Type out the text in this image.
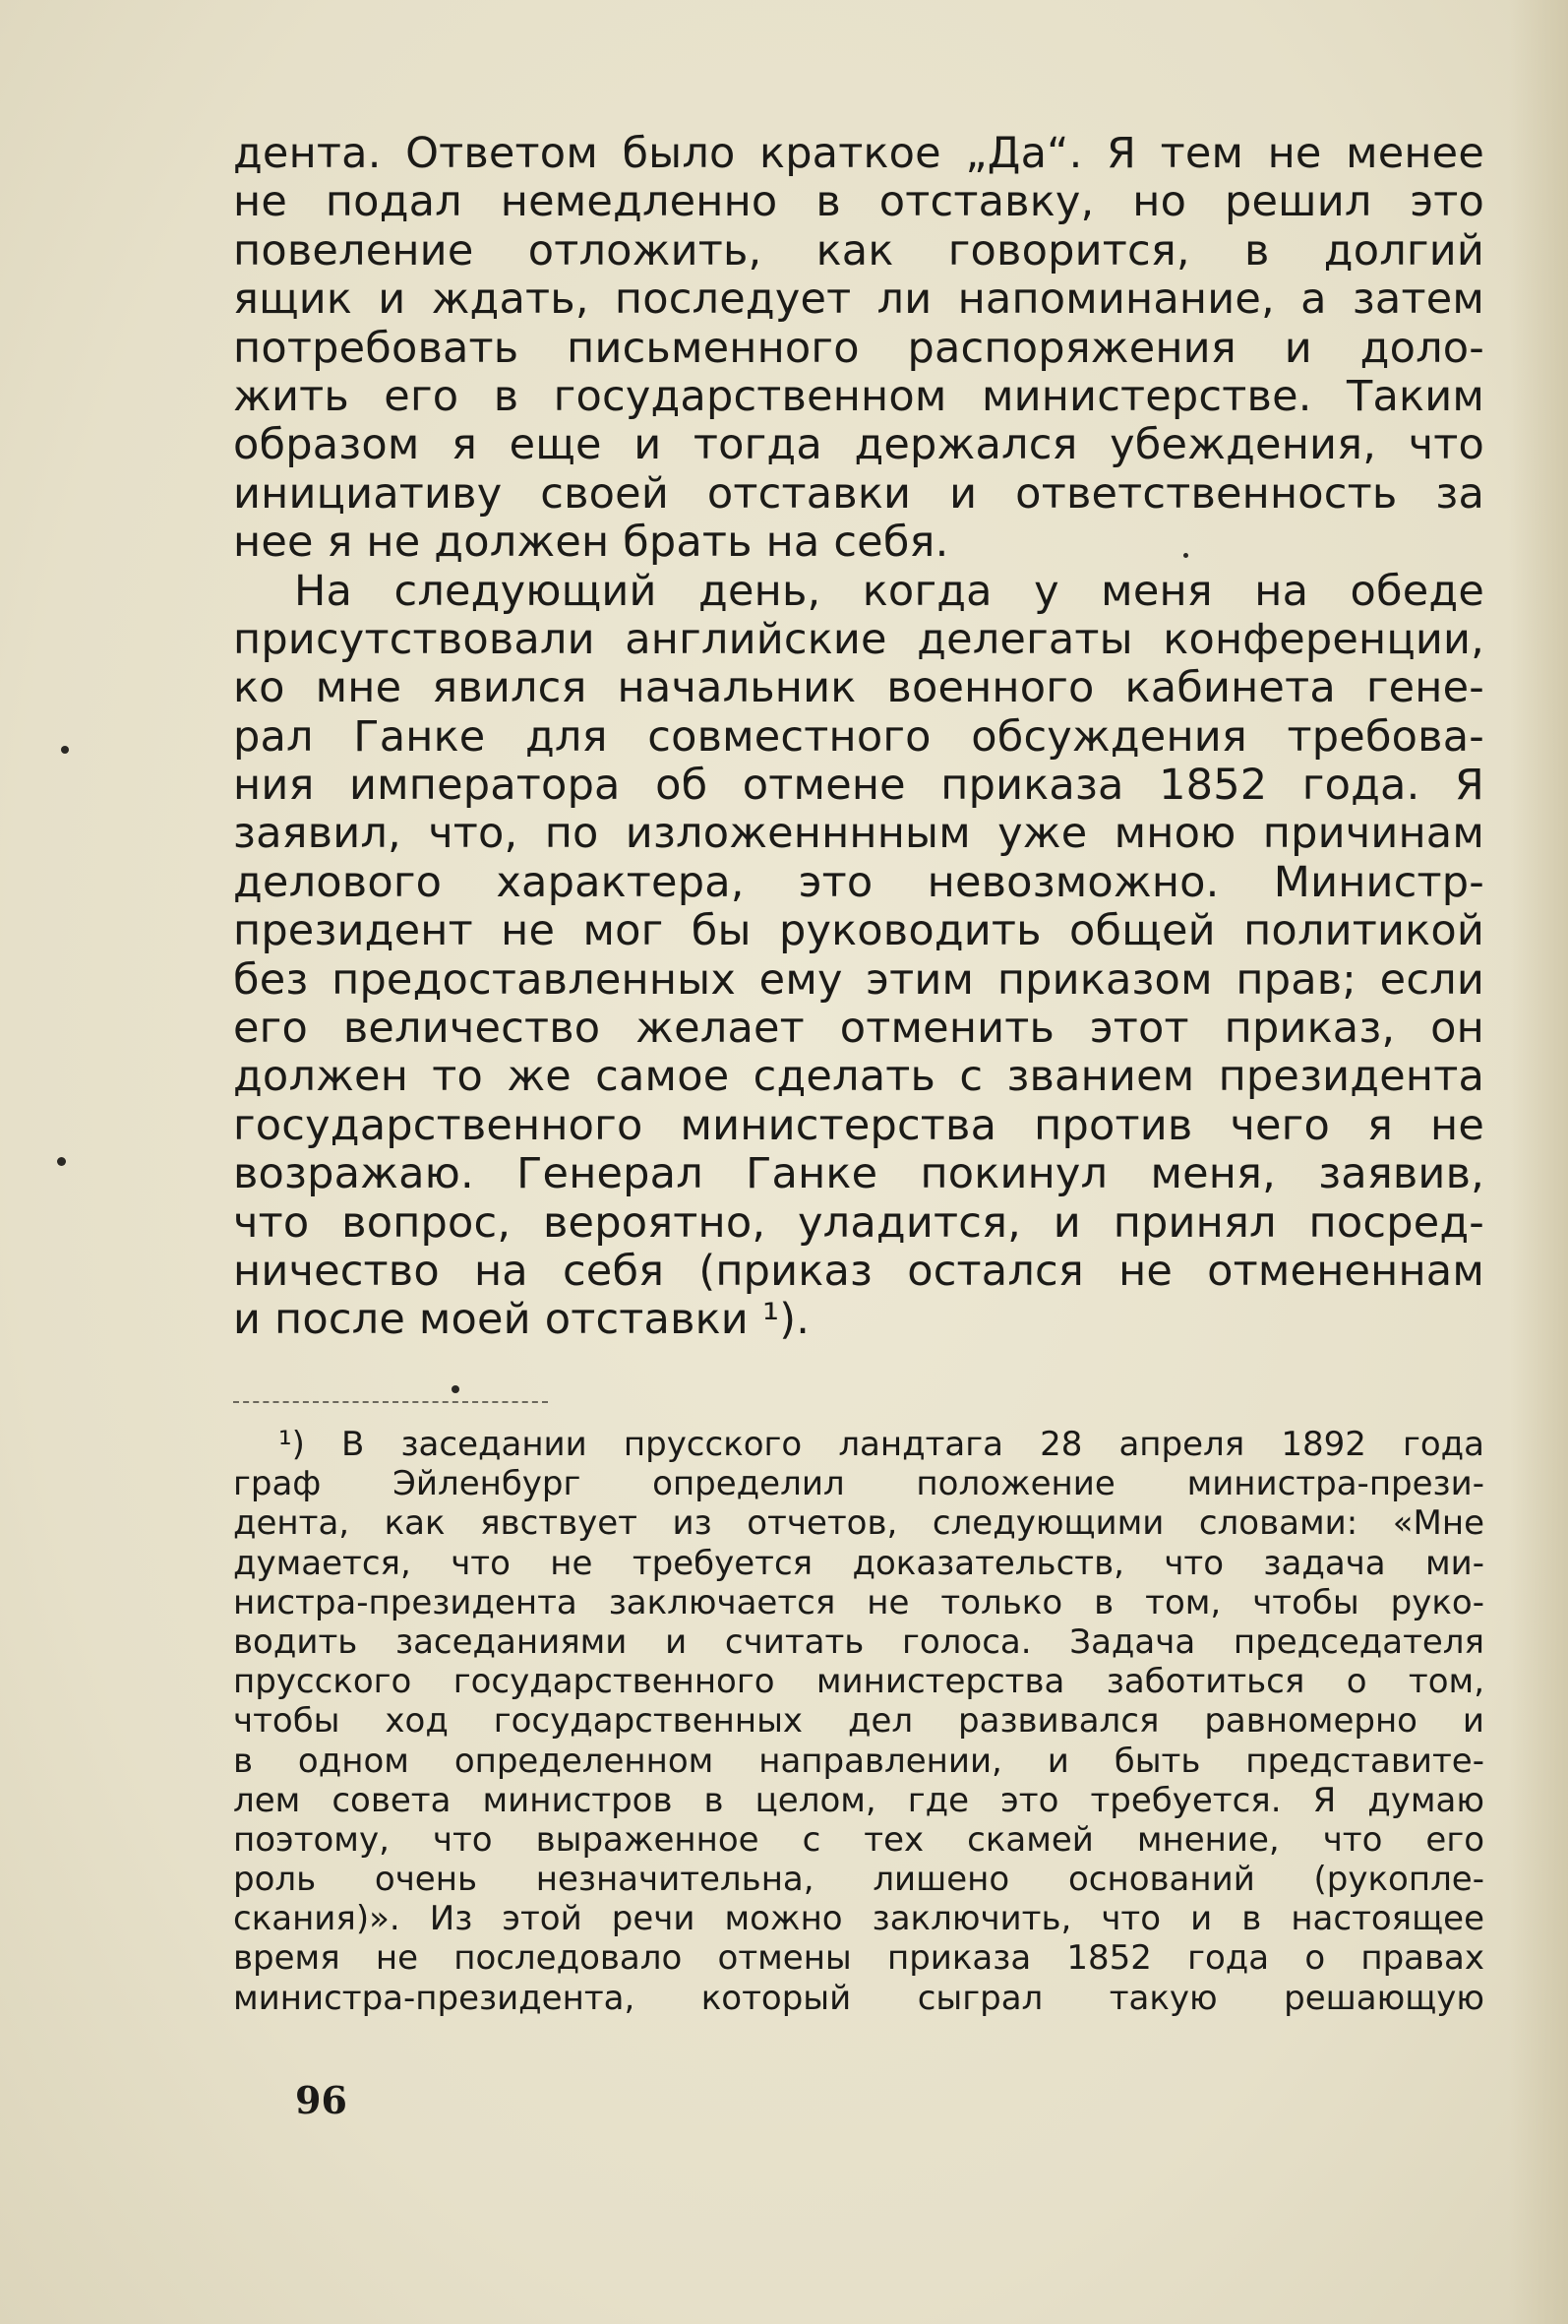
дента. Ответом было краткое „Да“. Я тем не менее
не подал немедленно в отставку, но решил это
повеление отложить, как говорится, в долгий
ящик и ждать, последует ли напоминание, а затем
потребовать письменного распоряжения и доло-
жить его в государственном министерстве. Таким
образом я еще и тогда держался убеждения, что
инициативу своей отставки и ответственность за
нее я не должен брать на себя.
На следующий день, когда у меня на обеде
присутствовали английские делегаты конференции,
ко мне явился начальник военного кабинета гене-
рал Ганке для совместного обсуждения требова-
ния императора об отмене приказа 1852 года. Я
заявил, что, по изложенннным уже мною причинам
делового характера, это невозможно. Министр-
президент не мог бы руководить общей политикой
без предоставленных ему этим приказом прав; если
его величество желает отменить этот приказ, он
должен то же самое сделать с званием президента
государственного министерства против чего я не
возражаю. Генерал Ганке покинул меня, заявив,
что вопрос, вероятно, уладится, и принял посред-
ничество на себя (приказ остался не отмененнам
и после моей отставки ¹).
¹) В заседании прусского ландтага 28 апреля 1892 года
граф Эйленбург определил положение министра-прези-
дента, как явствует из отчетов, следующими словами: «Мне
думается, что не требуется доказательств, что задача ми-
нистра-президента заключается не только в том, чтобы руко-
водить заседаниями и считать голоса. Задача председателя
прусского государственного министерства заботиться о том,
чтобы ход государственных дел развивался равномерно и
в одном определенном направлении, и быть представите-
лем совета министров в целом, где это требуется. Я думаю
поэтому, что выраженное с тех скамей мнение, что его
роль очень незначительна, лишено оснований (рукопле-
скания)». Из этой речи можно заключить, что и в настоящее
время не последовало отмены приказа 1852 года о правах
министра-президента, который сыграл такую решающую
96
